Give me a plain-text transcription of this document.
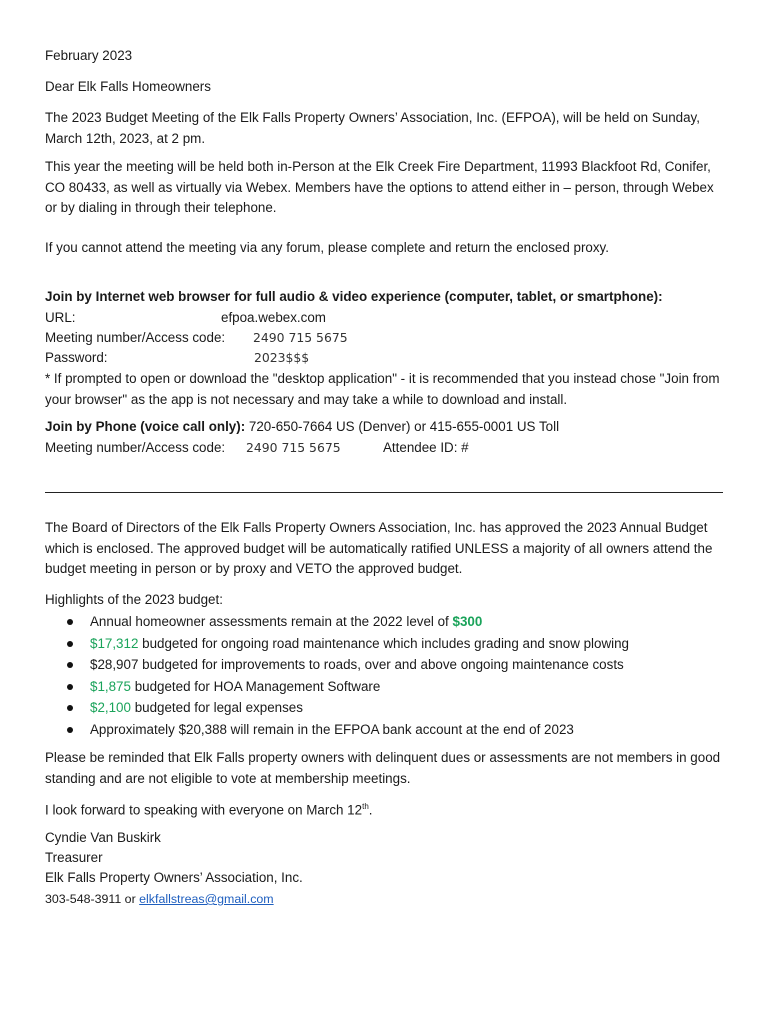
February 2023
Dear Elk Falls Homeowners
The 2023 Budget Meeting of the Elk Falls Property Owners’ Association, Inc. (EFPOA), will be held on Sunday, March 12th, 2023, at 2 pm.
This year the meeting will be held both in-Person at the Elk Creek Fire Department, 11993 Blackfoot Rd, Conifer, CO 80433, as well as virtually via Webex. Members have the options to attend either in – person, through Webex or by dialing in through their telephone.
If you cannot attend the meeting via any forum, please complete and return the enclosed proxy.
Join by Internet web browser for full audio & video experience (computer, tablet, or smartphone):
URL:	efpoa.webex.com
Meeting number/Access code: 2490 715 5675
Password:	2023$$$
* If prompted to open or download the "desktop application" - it is recommended that you instead chose "Join from your browser" as the app is not necessary and may take a while to download and install.
Join by Phone (voice call only): 720-650-7664 US (Denver) or 415-655-0001 US Toll
Meeting number/Access code: 2490 715 5675	Attendee ID: #
The Board of Directors of the Elk Falls Property Owners Association, Inc. has approved the 2023 Annual Budget which is enclosed. The approved budget will be automatically ratified UNLESS a majority of all owners attend the budget meeting in person or by proxy and VETO the approved budget.
Highlights of the 2023 budget:
Annual homeowner assessments remain at the 2022 level of $300
$17,312 budgeted for ongoing road maintenance which includes grading and snow plowing
$28,907 budgeted for improvements to roads, over and above ongoing maintenance costs
$1,875 budgeted for HOA Management Software
$2,100 budgeted for legal expenses
Approximately $20,388 will remain in the EFPOA bank account at the end of 2023
Please be reminded that Elk Falls property owners with delinquent dues or assessments are not members in good standing and are not eligible to vote at membership meetings.
I look forward to speaking with everyone on March 12th.
Cyndie Van Buskirk
Treasurer
Elk Falls Property Owners’ Association, Inc.
303-548-3911 or elkfallstreas@gmail.com
